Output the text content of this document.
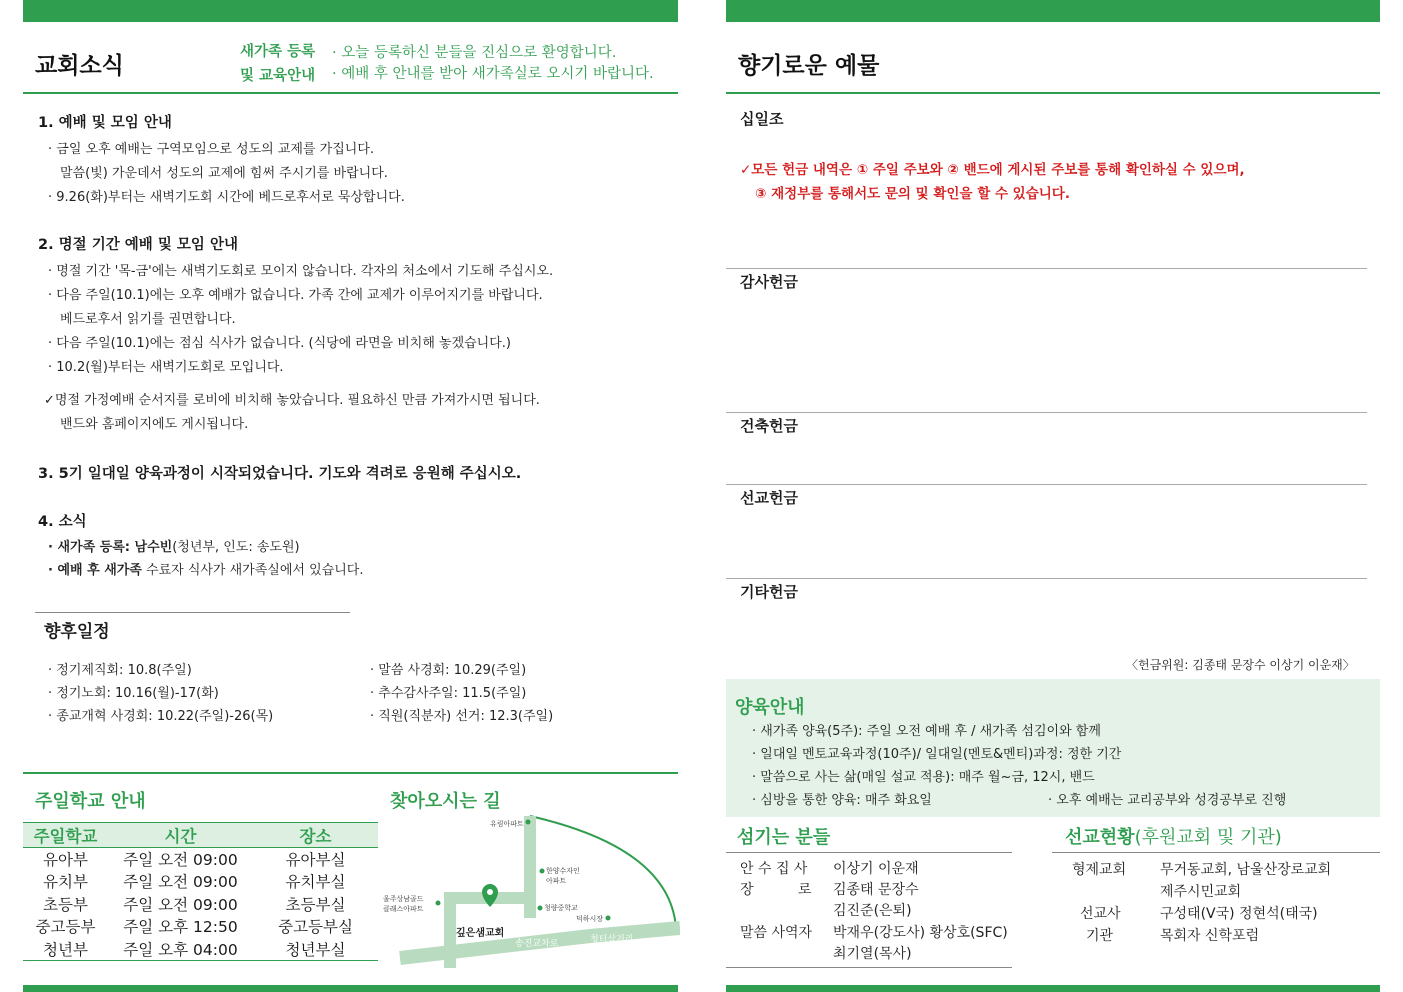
교회소식
새가족 등록
및 교육안내
· 오늘 등록하신 분들을 진심으로 환영합니다.
· 예배 후 안내를 받아 새가족실로 오시기 바랍니다.
1. 예배 및 모임 안내
· 금일 오후 예배는 구역모임으로 성도의 교제를 가집니다.
말씀(빛) 가운데서 성도의 교제에 힘써 주시기를 바랍니다.
· 9.26(화)부터는 새벽기도회 시간에 베드로후서로 묵상합니다.
2. 명절 기간 예배 및 모임 안내
· 명절 기간 '목-금'에는 새벽기도회로 모이지 않습니다. 각자의 처소에서 기도해 주십시오.
· 다음 주일(10.1)에는 오후 예배가 없습니다. 가족 간에 교제가 이루어지기를 바랍니다.
베드로후서 읽기를 권면합니다.
· 다음 주일(10.1)에는 점심 식사가 없습니다. (식당에 라면을 비치해 놓겠습니다.)
· 10.2(월)부터는 새벽기도회로 모입니다.
✓명절 가정예배 순서지를 로비에 비치해 놓았습니다. 필요하신 만큼 가져가시면 됩니다.
밴드와 홈페이지에도 게시됩니다.
3. 5기 일대일 양육과정이 시작되었습니다. 기도와 격려로 응원해 주십시오.
4. 소식
· 새가족 등록: 남수빈(청년부, 인도: 송도원)
· 예배 후 새가족 수료자 식사가 새가족실에서 있습니다.
향후일정
· 정기제직회: 10.8(주일)
· 정기노회: 10.16(월)-17(화)
· 종교개혁 사경회: 10.22(주일)-26(목)
· 말씀 사경회: 10.29(주일)
· 추수감사주일: 11.5(주일)
· 직원(직분자) 선거: 12.3(주일)
주일학교 안내
주일학교	시간	장소
유아부	주일 오전 09:00	유아부실
유치부	주일 오전 09:00	유치부실
초등부	주일 오전 09:00	초등부실
중고등부	주일 오후 12:50	중고등부실
청년부	주일 오후 04:00	청년부실
찾아오시는 길
유림아파트
한양수자인
아파트
울주상남골드
클래스아파트	청량중학교
덕하시장
깊은샘교회
송진교차로	청터삼거리
향기로운 예물
십일조
✓모든 헌금 내역은 ① 주일 주보와 ② 밴드에 게시된 주보를 통해 확인하실 수 있으며,
③ 재정부를 통해서도 문의 및 확인을 할 수 있습니다.
감사헌금
건축헌금
선교헌금
기타헌금
〈헌금위원: 김종태 문장수 이상기 이운재〉
양육안내
· 새가족 양육(5주): 주일 오전 예배 후 / 새가족 섬김이와 함께
· 일대일 멘토교육과정(10주)/ 일대일(멘토&멘티)과정: 정한 기간
· 말씀으로 사는 삶(매일 설교 적용): 매주 월~금, 12시, 밴드
· 심방을 통한 양육: 매주 화요일	· 오후 예배는 교리공부와 성경공부로 진행
섬기는 분들
안 수 집 사 이상기 이운재
장          로 김종태 문장수
김진준(은퇴)
말씀 사역자 박재우(강도사) 황상호(SFC)
최기열(목사)
선교현황(후원교회 및 기관)
형제교회 무거동교회, 남울산장로교회
제주시민교회
선교사	구성태(V국) 정현석(태국)
기관	목회자 신학포럼
